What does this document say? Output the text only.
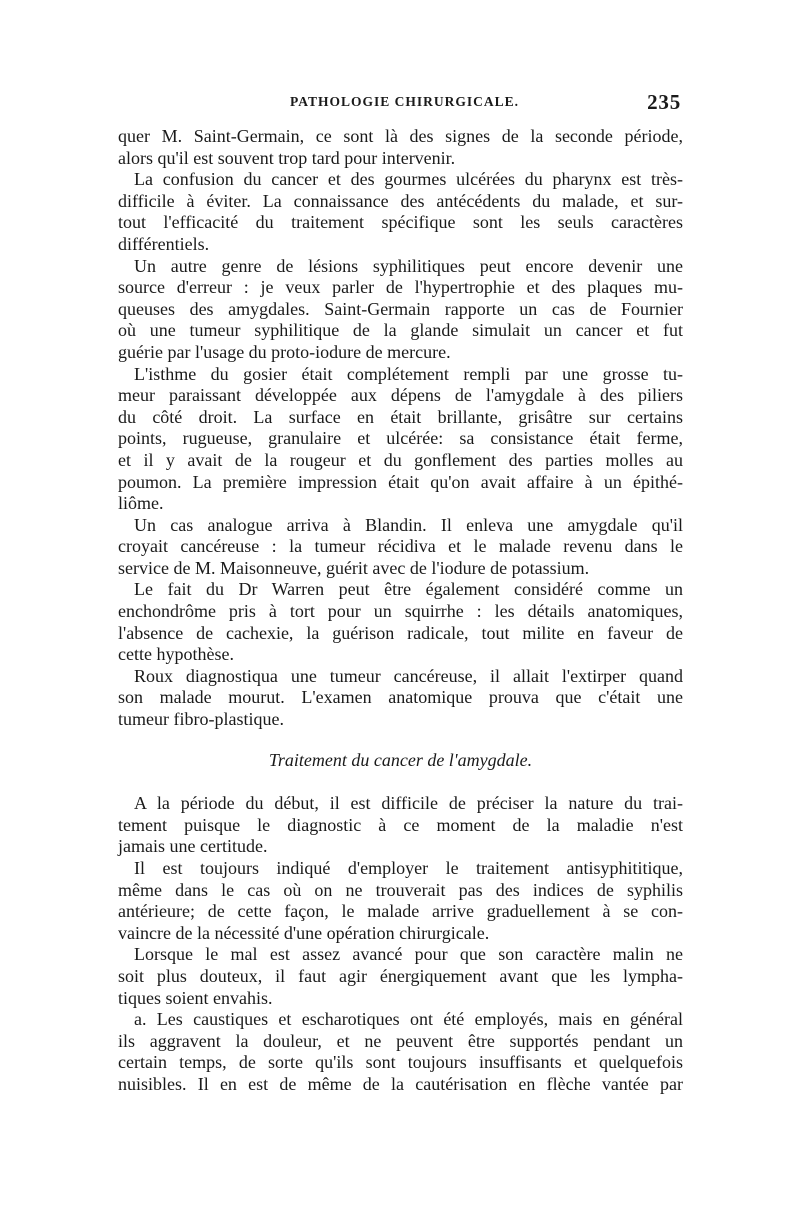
PATHOLOGIE CHIRURGICALE.	235
quer M. Saint-Germain, ce sont là des signes de la seconde période,
alors qu'il est souvent trop tard pour intervenir.
La confusion du cancer et des gourmes ulcérées du pharynx est très-
difficile à éviter. La connaissance des antécédents du malade, et sur-
tout l'efficacité du traitement spécifique sont les seuls caractères
différentiels.
Un autre genre de lésions syphilitiques peut encore devenir une
source d'erreur : je veux parler de l'hypertrophie et des plaques mu-
queuses des amygdales. Saint-Germain rapporte un cas de Fournier
où une tumeur syphilitique de la glande simulait un cancer et fut
guérie par l'usage du proto-iodure de mercure.
L'isthme du gosier était complétement rempli par une grosse tu-
meur paraissant développée aux dépens de l'amygdale à des piliers
du côté droit. La surface en était brillante, grisâtre sur certains
points, rugueuse, granulaire et ulcérée: sa consistance était ferme,
et il y avait de la rougeur et du gonflement des parties molles au
poumon. La première impression était qu'on avait affaire à un épithé-
liôme.
Un cas analogue arriva à Blandin. Il enleva une amygdale qu'il
croyait cancéreuse : la tumeur récidiva et le malade revenu dans le
service de M. Maisonneuve, guérit avec de l'iodure de potassium.
Le fait du Dr Warren peut être également considéré comme un
enchondrôme pris à tort pour un squirrhe : les détails anatomiques,
l'absence de cachexie, la guérison radicale, tout milite en faveur de
cette hypothèse.
Roux diagnostiqua une tumeur cancéreuse, il allait l'extirper quand
son malade mourut. L'examen anatomique prouva que c'était une
tumeur fibro-plastique.
Traitement du cancer de l'amygdale.
A la période du début, il est difficile de préciser la nature du trai-
tement puisque le diagnostic à ce moment de la maladie n'est
jamais une certitude.
Il est toujours indiqué d'employer le traitement antisyphititique,
même dans le cas où on ne trouverait pas des indices de syphilis
antérieure; de cette façon, le malade arrive graduellement à se con-
vaincre de la nécessité d'une opération chirurgicale.
Lorsque le mal est assez avancé pour que son caractère malin ne
soit plus douteux, il faut agir énergiquement avant que les lympha-
tiques soient envahis.
a. Les caustiques et escharotiques ont été employés, mais en général
ils aggravent la douleur, et ne peuvent être supportés pendant un
certain temps, de sorte qu'ils sont toujours insuffisants et quelquefois
nuisibles. Il en est de même de la cautérisation en flèche vantée par
